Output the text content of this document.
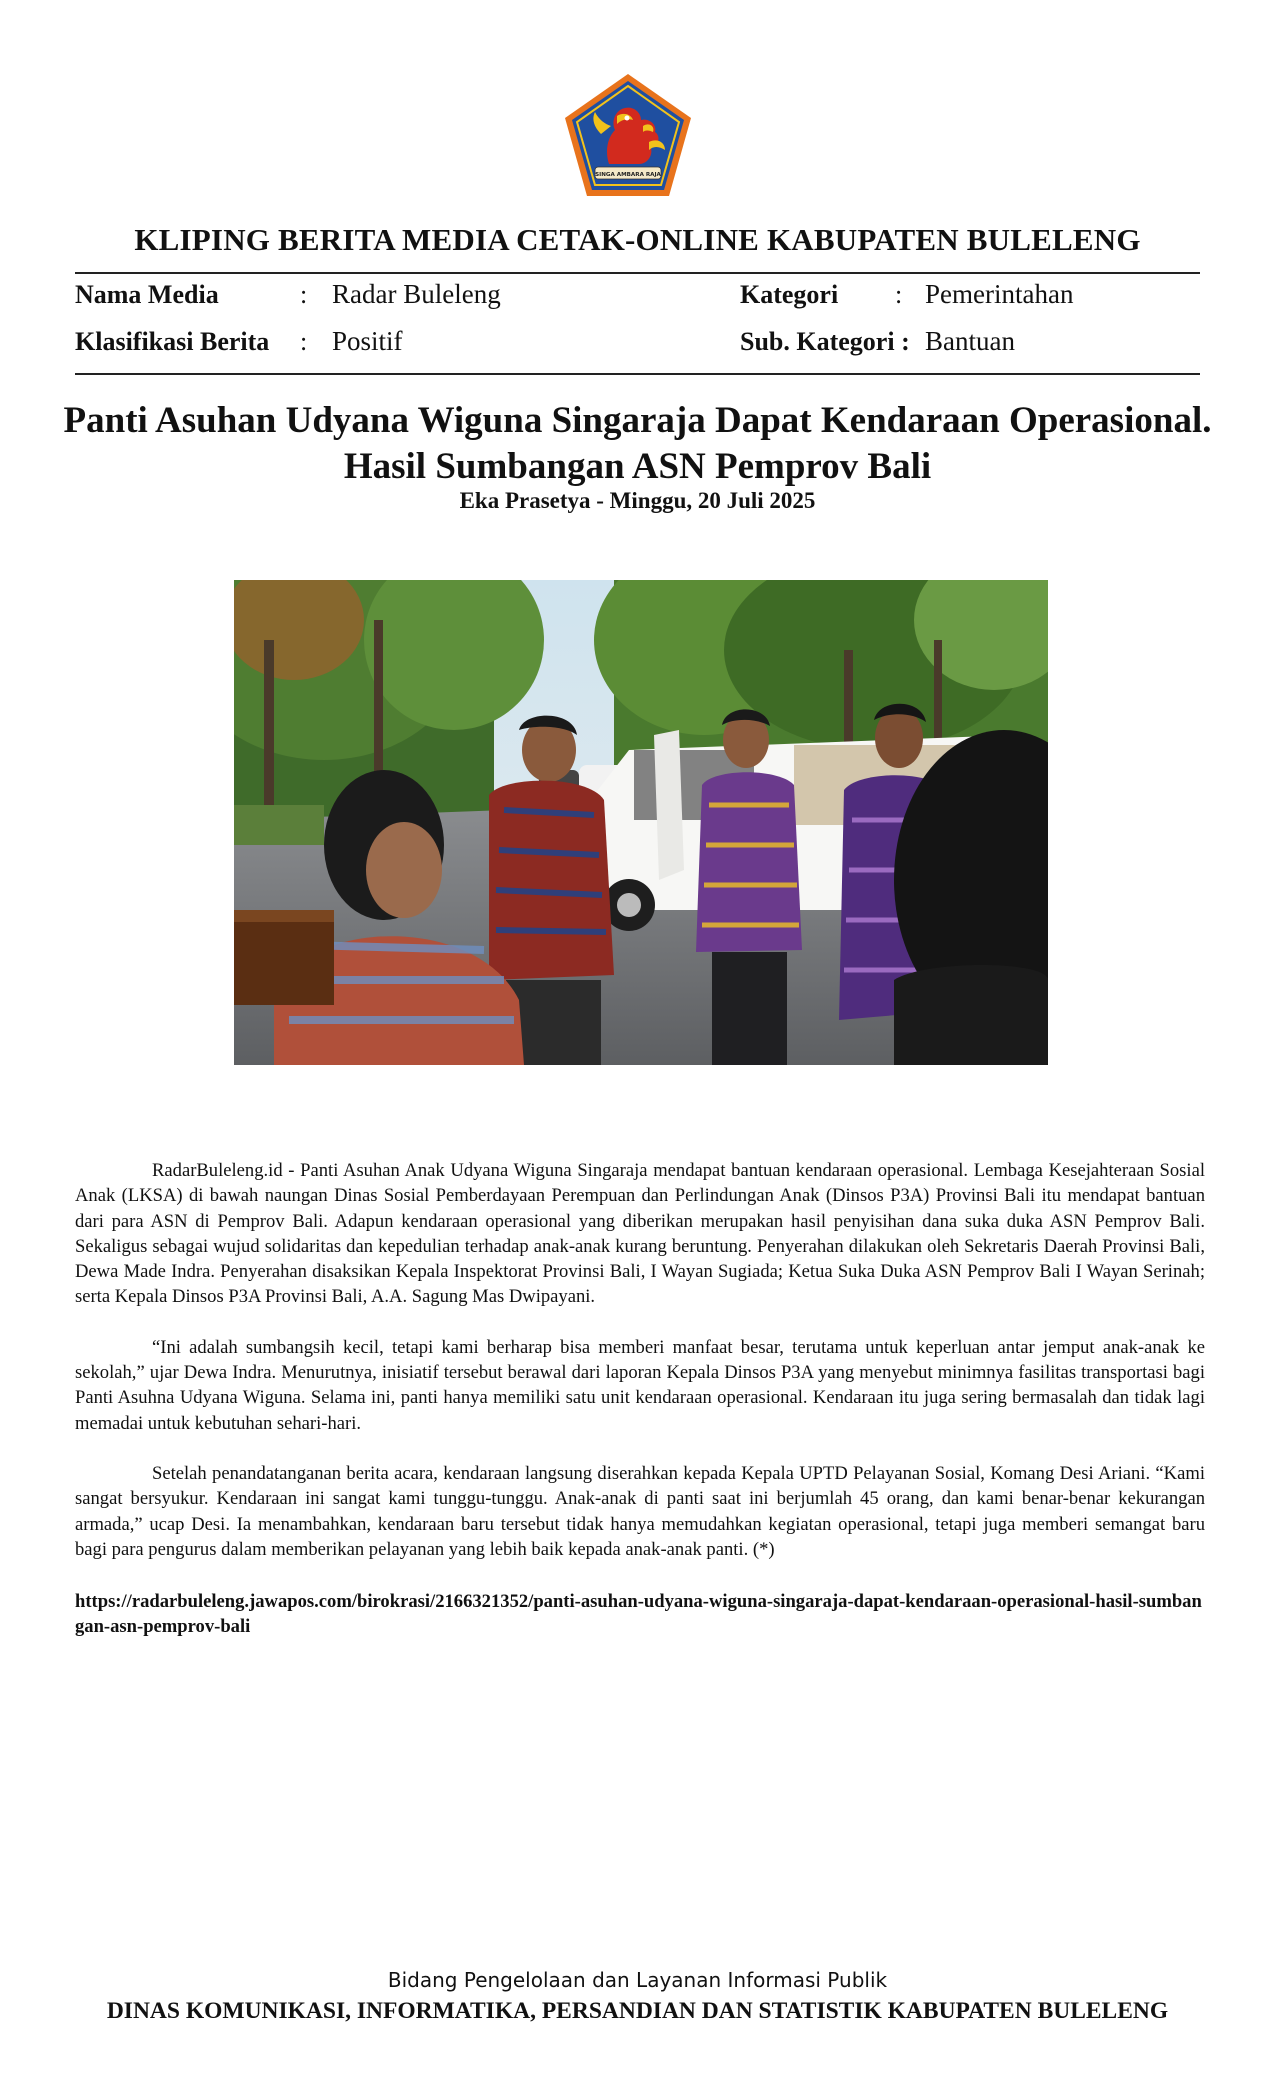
SINGA AMBARA RAJA
KLIPING BERITA MEDIA CETAK-ONLINE KABUPATEN BULELENG
Nama Media	: Radar Buleleng	Kategori : Pemerintahan
Klasifikasi Berita : Positif	Sub. Kategori : Bantuan
Panti Asuhan Udyana Wiguna Singaraja Dapat Kendaraan Operasional.
Hasil Sumbangan ASN Pemprov Bali
Eka Prasetya - Minggu, 20 Juli 2025

RadarBuleleng.id - Panti Asuhan Anak Udyana Wiguna Singaraja mendapat bantuan kendaraan operasional. Lembaga Kesejahteraan Sosial Anak (LKSA) di bawah naungan Dinas Sosial Pemberdayaan Perempuan dan Perlindungan Anak (Dinsos P3A) Provinsi Bali itu mendapat bantuan dari para ASN di Pemprov Bali. Adapun kendaraan operasional yang diberikan merupakan hasil penyisihan dana suka duka ASN Pemprov Bali. Sekaligus sebagai wujud solidaritas dan kepedulian terhadap anak-anak kurang beruntung. Penyerahan dilakukan oleh Sekretaris Daerah Provinsi Bali, Dewa Made Indra. Penyerahan disaksikan Kepala Inspektorat Provinsi Bali, I Wayan Sugiada; Ketua Suka Duka ASN Pemprov Bali I Wayan Serinah; serta Kepala Dinsos P3A Provinsi Bali, A.A. Sagung Mas Dwipayani.

“Ini adalah sumbangsih kecil, tetapi kami berharap bisa memberi manfaat besar, terutama untuk keperluan antar jemput anak-anak ke sekolah,” ujar Dewa Indra. Menurutnya, inisiatif tersebut berawal dari laporan Kepala Dinsos P3A yang menyebut minimnya fasilitas transportasi bagi Panti Asuhna Udyana Wiguna. Selama ini, panti hanya memiliki satu unit kendaraan operasional. Kendaraan itu juga sering bermasalah dan tidak lagi memadai untuk kebutuhan sehari-hari.

Setelah penandatanganan berita acara, kendaraan langsung diserahkan kepada Kepala UPTD Pelayanan Sosial, Komang Desi Ariani. “Kami sangat bersyukur. Kendaraan ini sangat kami tunggu-tunggu. Anak-anak di panti saat ini berjumlah 45 orang, dan kami benar-benar kekurangan armada,” ucap Desi. Ia menambahkan, kendaraan baru tersebut tidak hanya memudahkan kegiatan operasional, tetapi juga memberi semangat baru bagi para pengurus dalam memberikan pelayanan yang lebih baik kepada anak-anak panti. (*)

https://radarbuleleng.jawapos.com/birokrasi/2166321352/panti-asuhan-udyana-wiguna-singaraja-dapat-kendaraan-operasional-hasil-sumbangan-asn-pemprov-bali
Bidang Pengelolaan dan Layanan Informasi Publik
DINAS KOMUNIKASI, INFORMATIKA, PERSANDIAN DAN STATISTIK KABUPATEN BULELENG
